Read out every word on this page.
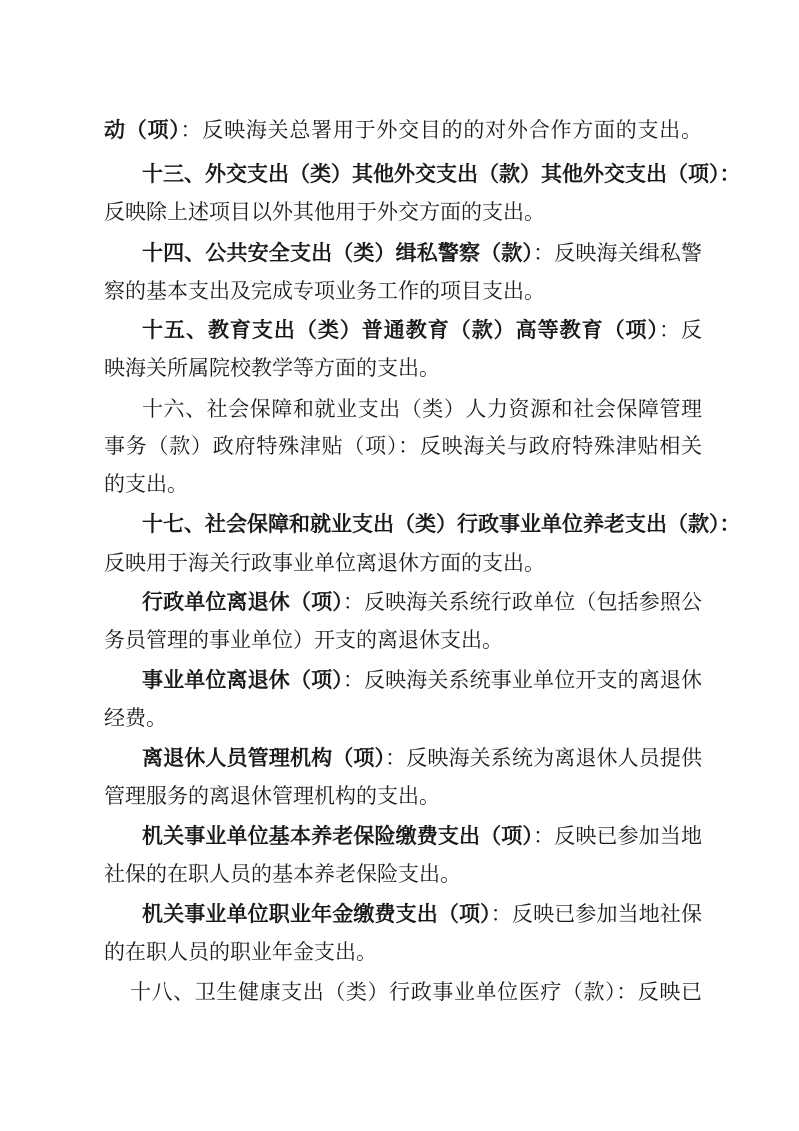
动（项）：反映海关总署用于外交目的的对外合作方面的支出。
十三、外交支出（类）其他外交支出（款）其他外交支出（项）：
反映除上述项目以外其他用于外交方面的支出。
十四、公共安全支出（类）缉私警察（款）：反映海关缉私警
察的基本支出及完成专项业务工作的项目支出。
十五、教育支出（类）普通教育（款）高等教育（项）：反
映海关所属院校教学等方面的支出。
十六、社会保障和就业支出（类）人力资源和社会保障管理
事务（款）政府特殊津贴（项）：反映海关与政府特殊津贴相关
的支出。
十七、社会保障和就业支出（类）行政事业单位养老支出（款）：
反映用于海关行政事业单位离退休方面的支出。
行政单位离退休（项）：反映海关系统行政单位（包括参照公
务员管理的事业单位）开支的离退休支出。
事业单位离退休（项）：反映海关系统事业单位开支的离退休
经费。
离退休人员管理机构（项）：反映海关系统为离退休人员提供
管理服务的离退休管理机构的支出。
机关事业单位基本养老保险缴费支出（项）：反映已参加当地
社保的在职人员的基本养老保险支出。
机关事业单位职业年金缴费支出（项）：反映已参加当地社保
的在职人员的职业年金支出。
十八、卫生健康支出（类）行政事业单位医疗（款）：反映已
